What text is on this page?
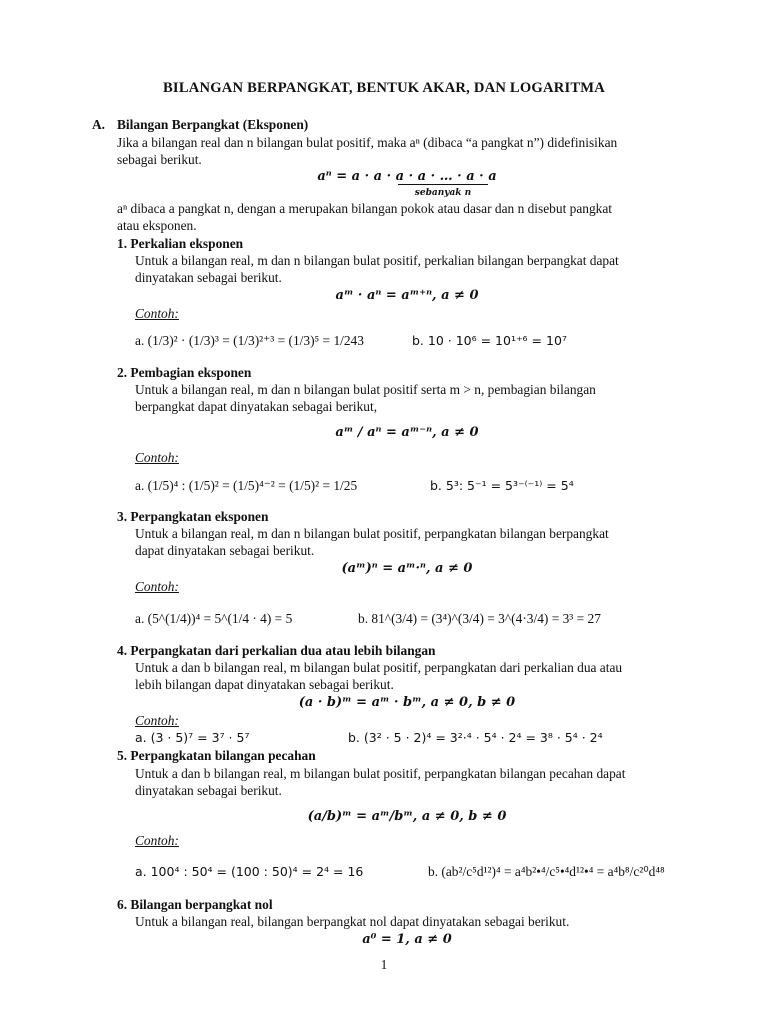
BILANGAN BERPANGKAT, BENTUK AKAR, DAN LOGARITMA
A. Bilangan Berpangkat (Eksponen)
Jika a bilangan real dan n bilangan bulat positif, maka aⁿ (dibaca “a pangkat n”) didefinisikan
sebagai berikut.
aⁿ = a · a · a · a · … · a · a
sebanyak n
aⁿ dibaca a pangkat n, dengan a merupakan bilangan pokok atau dasar dan n disebut pangkat
atau eksponen.
1. Perkalian eksponen
Untuk a bilangan real, m dan n bilangan bulat positif, perkalian bilangan berpangkat dapat
dinyatakan sebagai berikut.
aᵐ · aⁿ = aᵐ⁺ⁿ, a ≠ 0
Contoh:
a. (1/3)² · (1/3)³ = (1/3)²⁺³ = (1/3)⁵ = 1/243	b. 10 · 10⁶ = 10¹⁺⁶ = 10⁷
2. Pembagian eksponen
Untuk a bilangan real, m dan n bilangan bulat positif serta m > n, pembagian bilangan
berpangkat dapat dinyatakan sebagai berikut,
aᵐ / aⁿ = aᵐ⁻ⁿ, a ≠ 0
Contoh:
a. (1/5)⁴ : (1/5)² = (1/5)⁴⁻² = (1/5)² = 1/25	b. 5³: 5⁻¹ = 5³⁻⁽⁻¹⁾ = 5⁴
3. Perpangkatan eksponen
Untuk a bilangan real, m dan n bilangan bulat positif, perpangkatan bilangan berpangkat
dapat dinyatakan sebagai berikut.
(aᵐ)ⁿ = aᵐ·ⁿ, a ≠ 0
Contoh:
a. (5^(1/4))⁴ = 5^(1/4 · 4) = 5	b. 81^(3/4) = (3⁴)^(3/4) = 3^(4·3/4) = 3³ = 27
4. Perpangkatan dari perkalian dua atau lebih bilangan
Untuk a dan b bilangan real, m bilangan bulat positif, perpangkatan dari perkalian dua atau
lebih bilangan dapat dinyatakan sebagai berikut.
(a · b)ᵐ = aᵐ · bᵐ, a ≠ 0, b ≠ 0
Contoh:
a. (3 · 5)⁷ = 3⁷ · 5⁷	b. (3² · 5 · 2)⁴ = 3²·⁴ · 5⁴ · 2⁴ = 3⁸ · 5⁴ · 2⁴
5. Perpangkatan bilangan pecahan
Untuk a dan b bilangan real, m bilangan bulat positif, perpangkatan bilangan pecahan dapat
dinyatakan sebagai berikut.
(a/b)ᵐ = aᵐ/bᵐ, a ≠ 0, b ≠ 0
Contoh:
a. 100⁴ : 50⁴ = (100 : 50)⁴ = 2⁴ = 16	b. (ab²/c⁵d¹²)⁴ = a⁴b²•⁴/c⁵•⁴d¹²•⁴ = a⁴b⁸/c²⁰d⁴⁸
6. Bilangan berpangkat nol
Untuk a bilangan real, bilangan berpangkat nol dapat dinyatakan sebagai berikut.
a⁰ = 1, a ≠ 0
1
